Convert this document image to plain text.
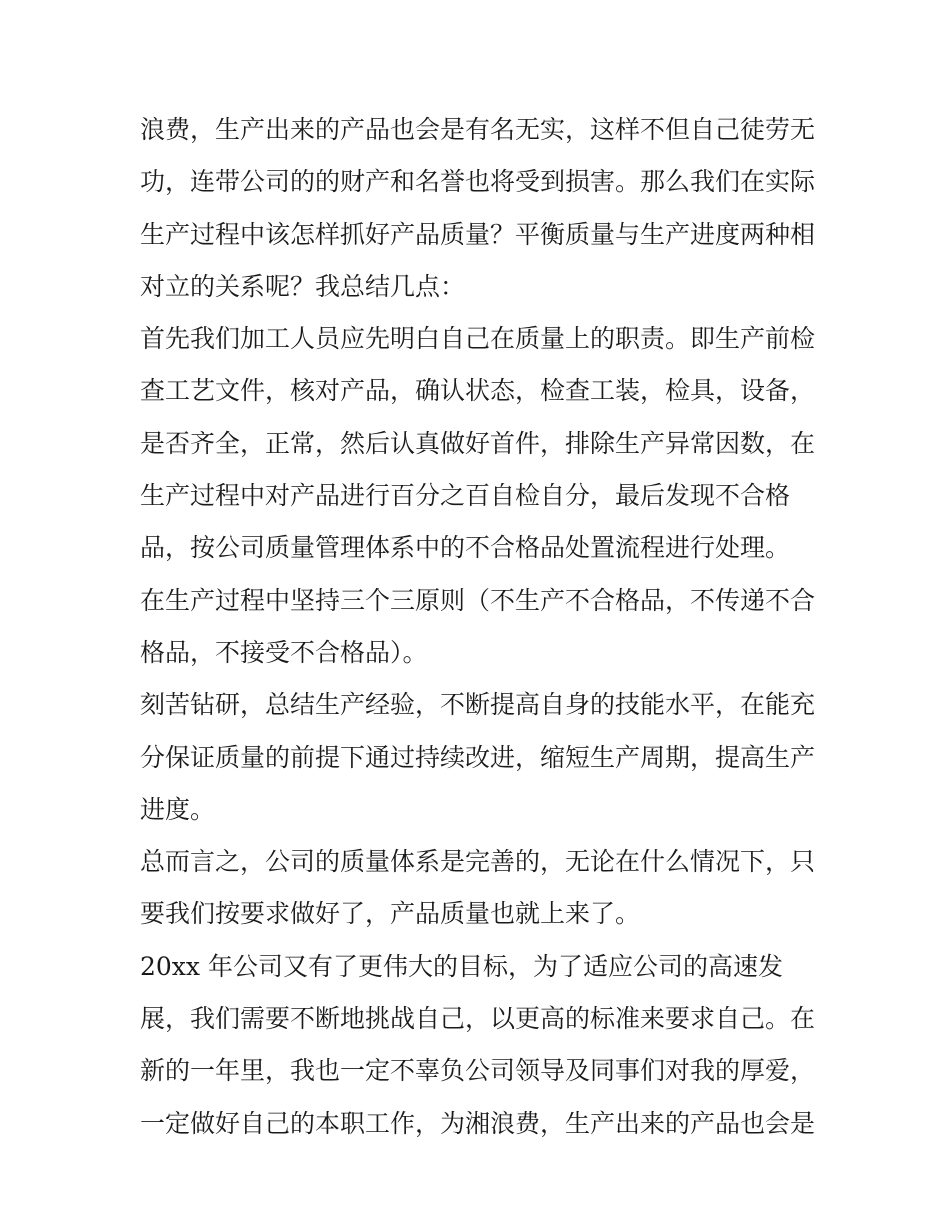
浪费，生产出来的产品也会是有名无实，这样不但自己徒劳无
功，连带公司的的财产和名誉也将受到损害。那么我们在实际
生产过程中该怎样抓好产品质量？平衡质量与生产进度两种相
对立的关系呢？我总结几点：
首先我们加工人员应先明白自己在质量上的职责。即生产前检
查工艺文件，核对产品，确认状态，检查工装，检具，设备，
是否齐全，正常，然后认真做好首件，排除生产异常因数，在
生产过程中对产品进行百分之百自检自分，最后发现不合格
品，按公司质量管理体系中的不合格品处置流程进行处理。
在生产过程中坚持三个三原则（不生产不合格品，不传递不合
格品，不接受不合格品）。
刻苦钻研，总结生产经验，不断提高自身的技能水平，在能充
分保证质量的前提下通过持续改进，缩短生产周期，提高生产
进度。
总而言之，公司的质量体系是完善的，无论在什么情况下，只
要我们按要求做好了，产品质量也就上来了。
20xx 年公司又有了更伟大的目标，为了适应公司的高速发
展，我们需要不断地挑战自己，以更高的标准来要求自己。在
新的一年里，我也一定不辜负公司领导及同事们对我的厚爱，
一定做好自己的本职工作，为湘浪费，生产出来的产品也会是
